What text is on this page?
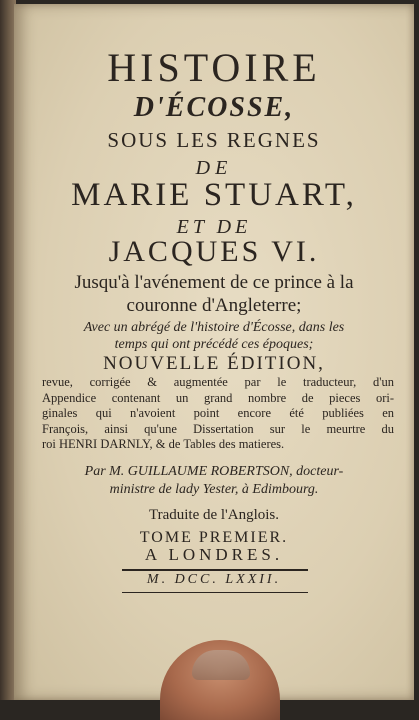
HISTOIRE
D'ÉCOSSE,
SOUS LES REGNES
DE
MARIE STUART,
ET DE
JACQUES VI.
Jusqu'à l'avénement de ce prince à la
couronne d'Angleterre;
Avec un abrégé de l'histoire d'Écosse, dans les
temps qui ont précédé ces époques;
NOUVELLE ÉDITION,
revue, corrigée & augmentée par le traducteur, d'un
Appendice contenant un grand nombre de pieces ori-
ginales qui n'avoient point encore été publiées en
François, ainsi qu'une Dissertation sur le meurtre du
roi HENRI DARNLY, & de Tables des matieres.
Par M. GUILLAUME ROBERTSON, docteur-
ministre de lady Yester, à Edimbourg.
Traduite de l'Anglois.
TOME PREMIER.
A LONDRES.
M. DCC. LXXII.
